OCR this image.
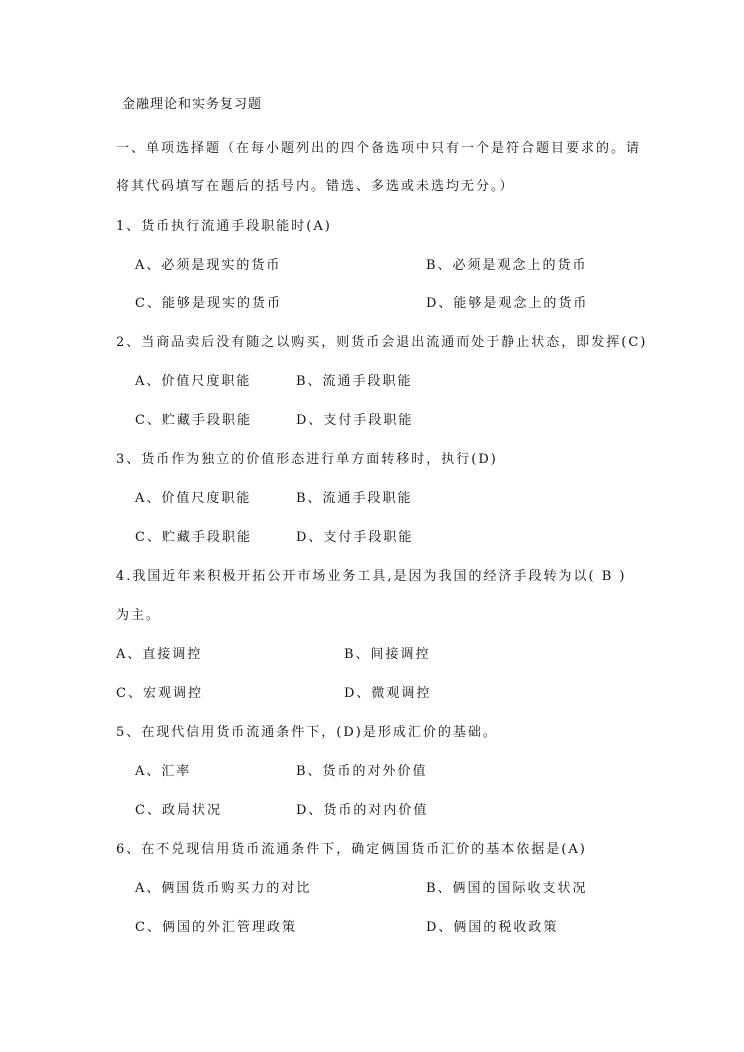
金融理论和实务复习题
一、单项选择题（在每小题列出的四个备选项中只有一个是符合题目要求的。请
将其代码填写在题后的括号内。错选、多选或未选均无分。）
1、货币执行流通手段职能时(A)
A、必须是现实的货币	B、必须是观念上的货币
C、能够是现实的货币	D、能够是观念上的货币
2、当商品卖后没有随之以购买，则货币会退出流通而处于静止状态，即发挥(C)
A、价值尺度职能	B、流通手段职能
C、贮藏手段职能	D、支付手段职能
3、货币作为独立的价值形态进行单方面转移时，执行(D)
A、价值尺度职能	B、流通手段职能
C、贮藏手段职能	D、支付手段职能
4.我国近年来积极开拓公开市场业务工具,是因为我国的经济手段转为以( B )
为主。
A、直接调控	B、间接调控
C、宏观调控	D、微观调控
5、在现代信用货币流通条件下，(D)是形成汇价的基础。
A、汇率	B、货币的对外价值
C、政局状况	D、货币的对内价值
6、在不兑现信用货币流通条件下，确定俩国货币汇价的基本依据是(A)
A、俩国货币购买力的对比	B、俩国的国际收支状况
C、俩国的外汇管理政策	D、俩国的税收政策
